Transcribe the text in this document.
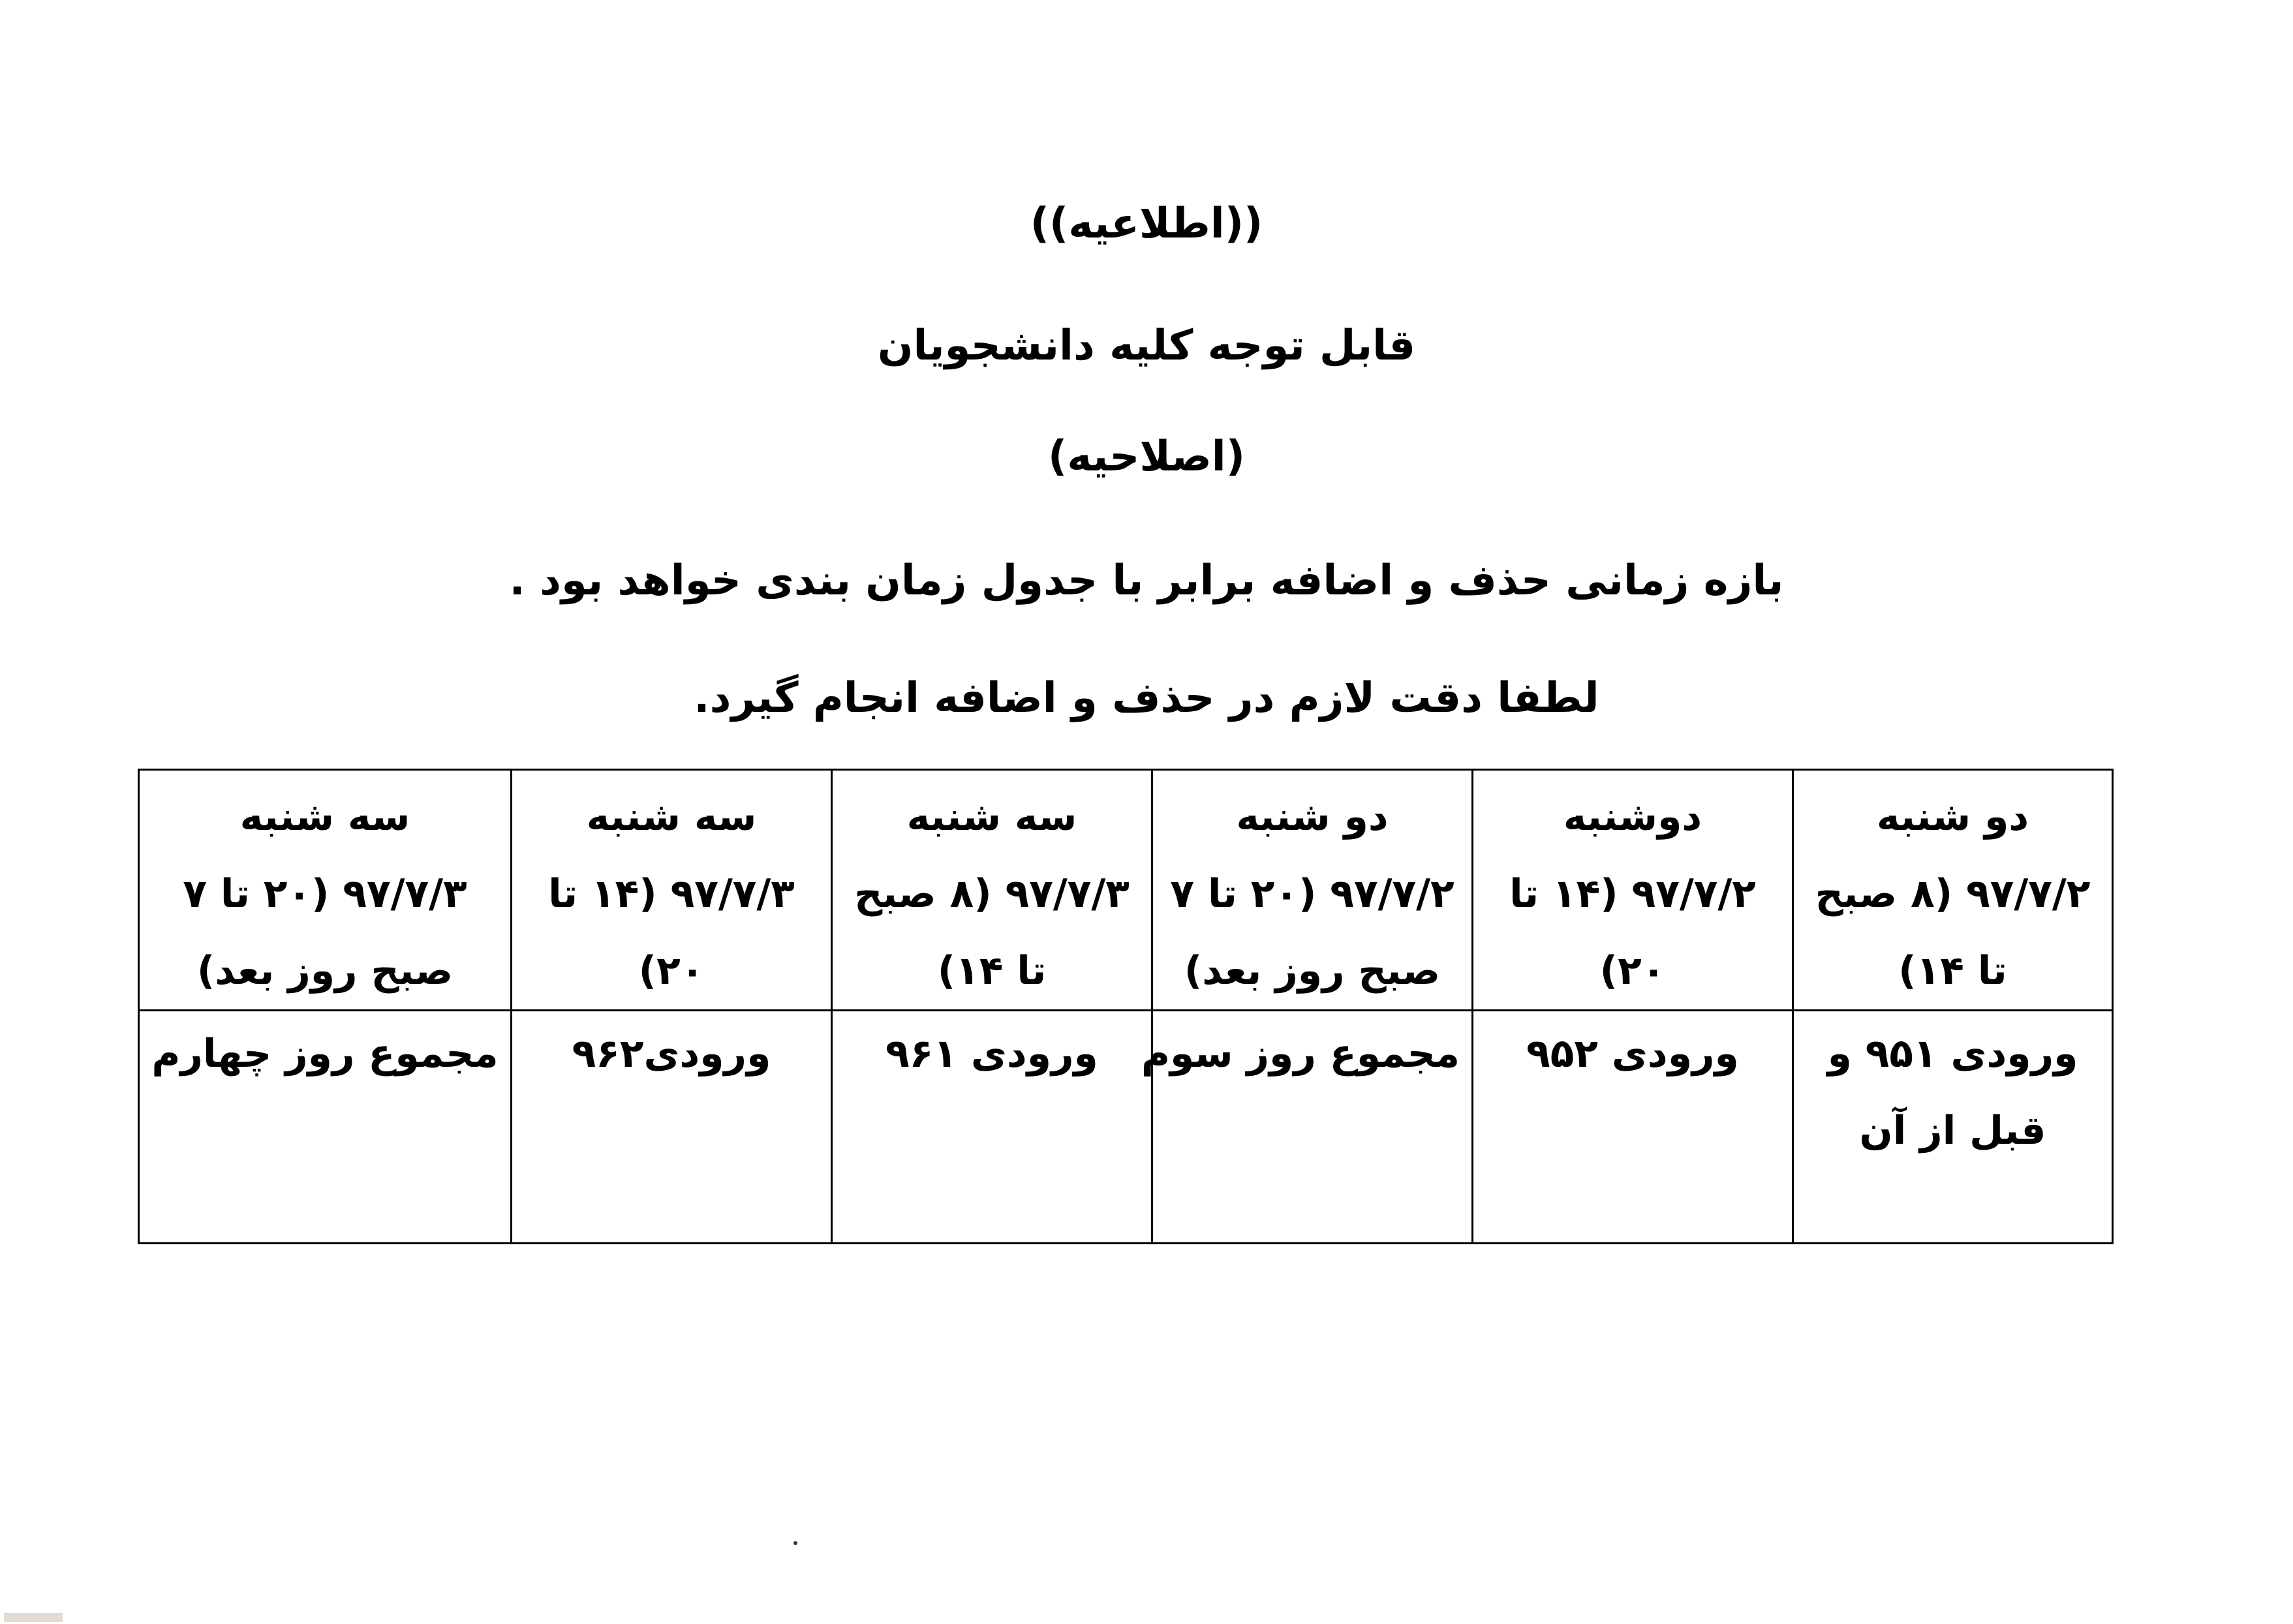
((اطلاعیه))
قابل توجه کلیه دانشجویان
(اصلاحیه)
بازه زمانی حذف و اضافه برابر با جدول زمان بندی خواهد بود .
لطفا دقت لازم در حذف و اضافه انجام گیرد.
دو شنبه
۹۷/۷/۲ (۸ صبح
تا ۱۴)	دوشنبه
۹۷/۷/۲ (۱۴ تا
۲۰)	دو شنبه
۹۷/۷/۲ (۲۰ تا ۷
صبح روز بعد)	سه شنبه
۹۷/۷/۳ (۸ صبح
تا ۱۴)	سه شنبه
۹۷/۷/۳ (۱۴ تا
۲۰)	سه شنبه
۹۷/۷/۳ (۲۰ تا ۷
صبح روز بعد)

ورودی ۹۵۱ و
قبل از آن	ورودی ۹۵۲	مجموع روز سوم	ورودی ۹۶۱	ورودی۹۶۲	مجموع روز چهارم
